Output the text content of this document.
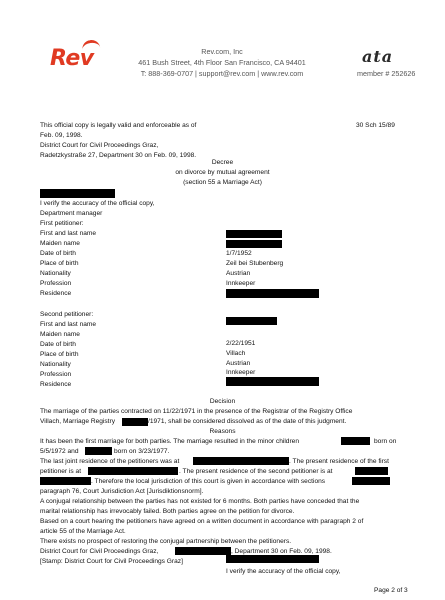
Rev	Rev.com, Inc
461 Bush Street, 4th Floor San Francisco, CA 94401
T: 888-369-0707 | support@rev.com | www.rev.com
ata
member # 252626
This official copy is legally valid and enforceable as of
Feb. 09, 1998.
District Court for Civil Proceedings Graz,
Radetzkystraße 27, Department 30 on Feb. 09, 1998.
30 Sch 15/89
Decree
on divorce by mutual agreement
(section 55 a Marriage Act)
I verify the accuracy of the official copy,
Department manager
First petitioner:
First and last name
Maiden name
Date of birth	1/7/1952
Place of birth	Zeil bei Stubenberg
Nationality	Austrian
Profession	Innkeeper
Residence
Second petitioner:
First and last name
Maiden name
Date of birth	2/22/1951
Place of birth	Villach
Nationality	Austrian
Profession	Innkeeper
Residence
Decision
The marriage of the parties contracted on 11/22/1971 in the presence of the Registrar of the Registry Office
Villach, Marriage Registry	/1971, shall be considered dissolved as of the date of this judgment.
Reasons
It has been the first marriage for both parties. The marriage resulted in the minor children	born on
5/5/1972 and	born on 3/23/1977.
The last joint residence of the petitioners was at	. The present residence of the first
petitioner is at	. The present residence of the second petitioner is at
. Therefore the local jurisdiction of this court is given in accordance with sections
paragraph 76, Court Jurisdiction Act [Jurisdiktionsnorm].
A conjugal relationship between the parties has not existed for 6 months. Both parties have conceded that the
marital relationship has irrevocably failed. Both parties agree on the petition for divorce.
Based on a court hearing the petitioners have agreed on a written document in accordance with paragraph 2 of
article 55 of the Marriage Act.
There exists no prospect of restoring the conjugal partnership between the petitioners.
District Court for Civil Proceedings Graz,	, Department 30 on Feb. 09, 1998.
[Stamp: District Court for Civil Proceedings Graz]
I verify the accuracy of the official copy,
Page 2 of 3
